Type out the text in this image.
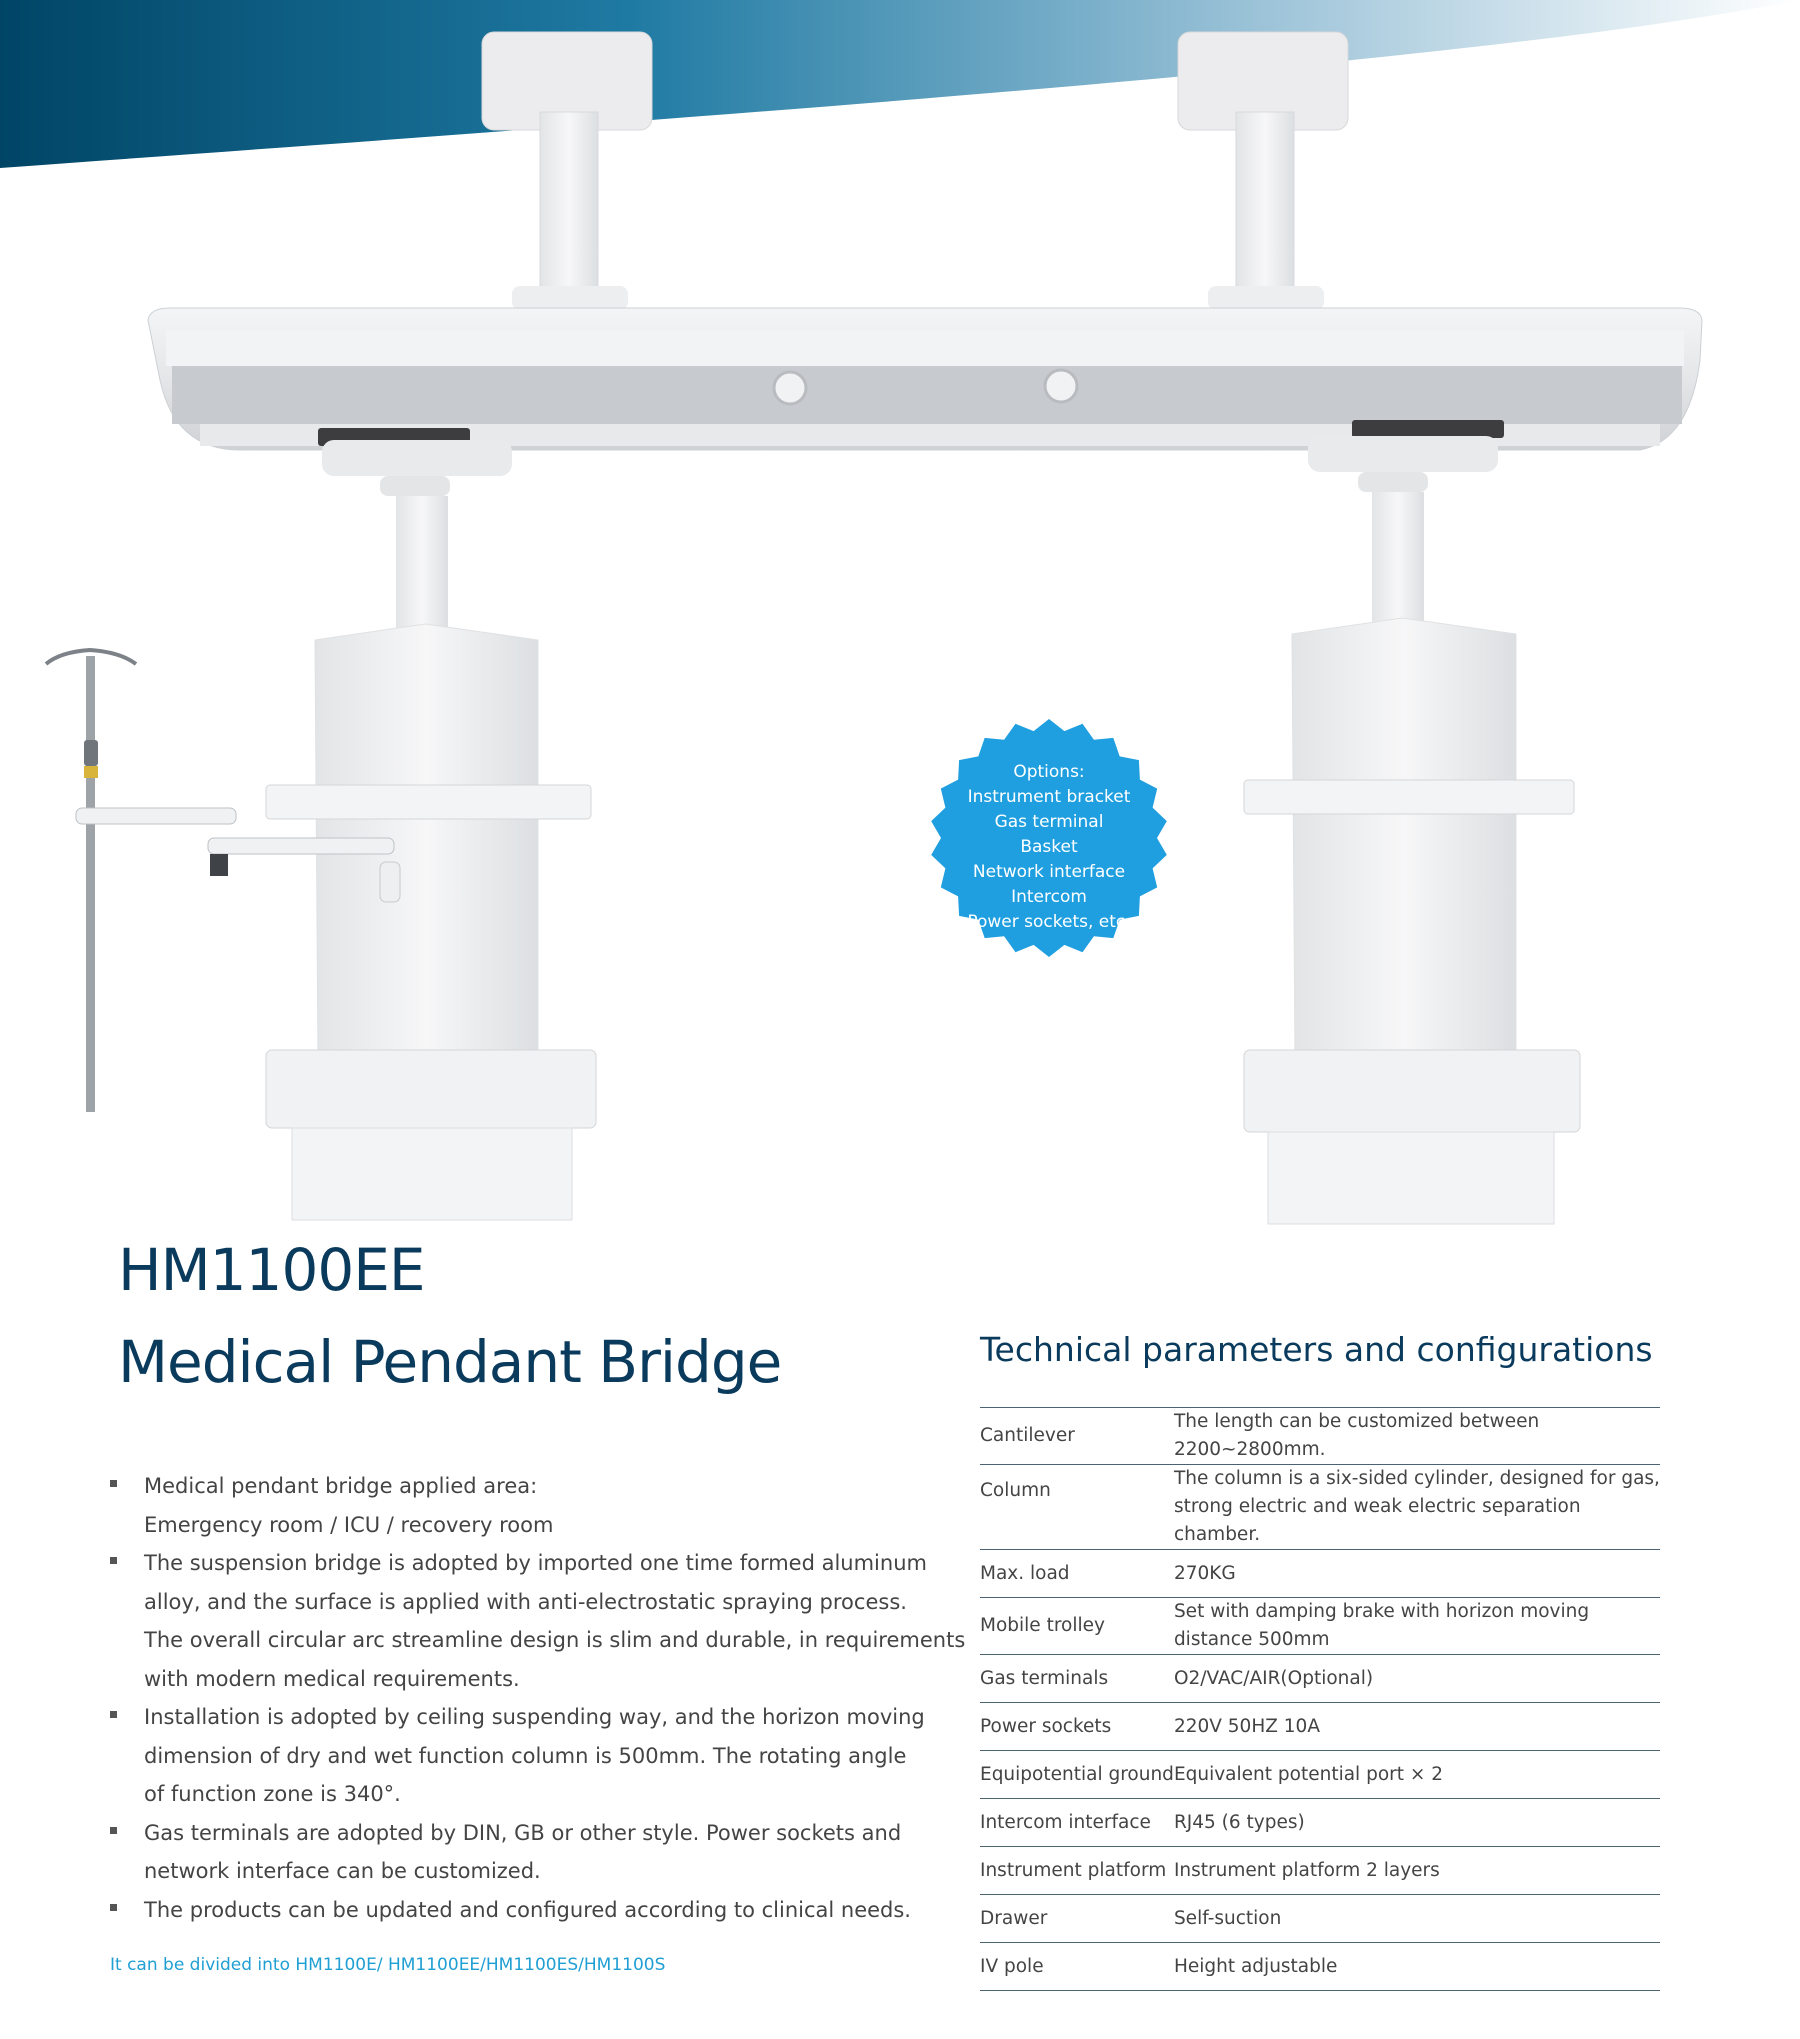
Options:
Instrument bracket
Gas terminal
Basket
Network interface
Intercom
Power sockets, etc.
HM1100EE
Medical Pendant Bridge
Medical pendant bridge applied area:
Emergency room / ICU / recovery room
The suspension bridge is adopted by imported one time formed aluminum
alloy, and the surface is applied with anti-electrostatic spraying process.
The overall circular arc streamline design is slim and durable, in requirements
with modern medical requirements.
Installation is adopted by ceiling suspending way, and the horizon moving
dimension of dry and wet function column is 500mm. The rotating angle
of function zone is 340°.
Gas terminals are adopted by DIN, GB or other style. Power sockets and
network interface can be customized.
The products can be updated and configured according to clinical needs.
It can be divided into HM1100E/ HM1100EE/HM1100ES/HM1100S
Technical parameters and configurations
Cantilever	The length can be customized between 2200~2800mm.
Column	The column is a six-sided cylinder, designed for gas, strong electric and weak electric separation chamber.
Max. load	270KG
Mobile trolley	Set with damping brake with horizon moving distance 500mm
Gas terminals	O2/VAC/AIR(Optional)
Power sockets	220V 50HZ 10A
Equipotential ground	Equivalent potential port × 2
Intercom interface	RJ45 (6 types)
Instrument platform	Instrument platform 2 layers
Drawer	Self-suction
IV pole	Height adjustable
